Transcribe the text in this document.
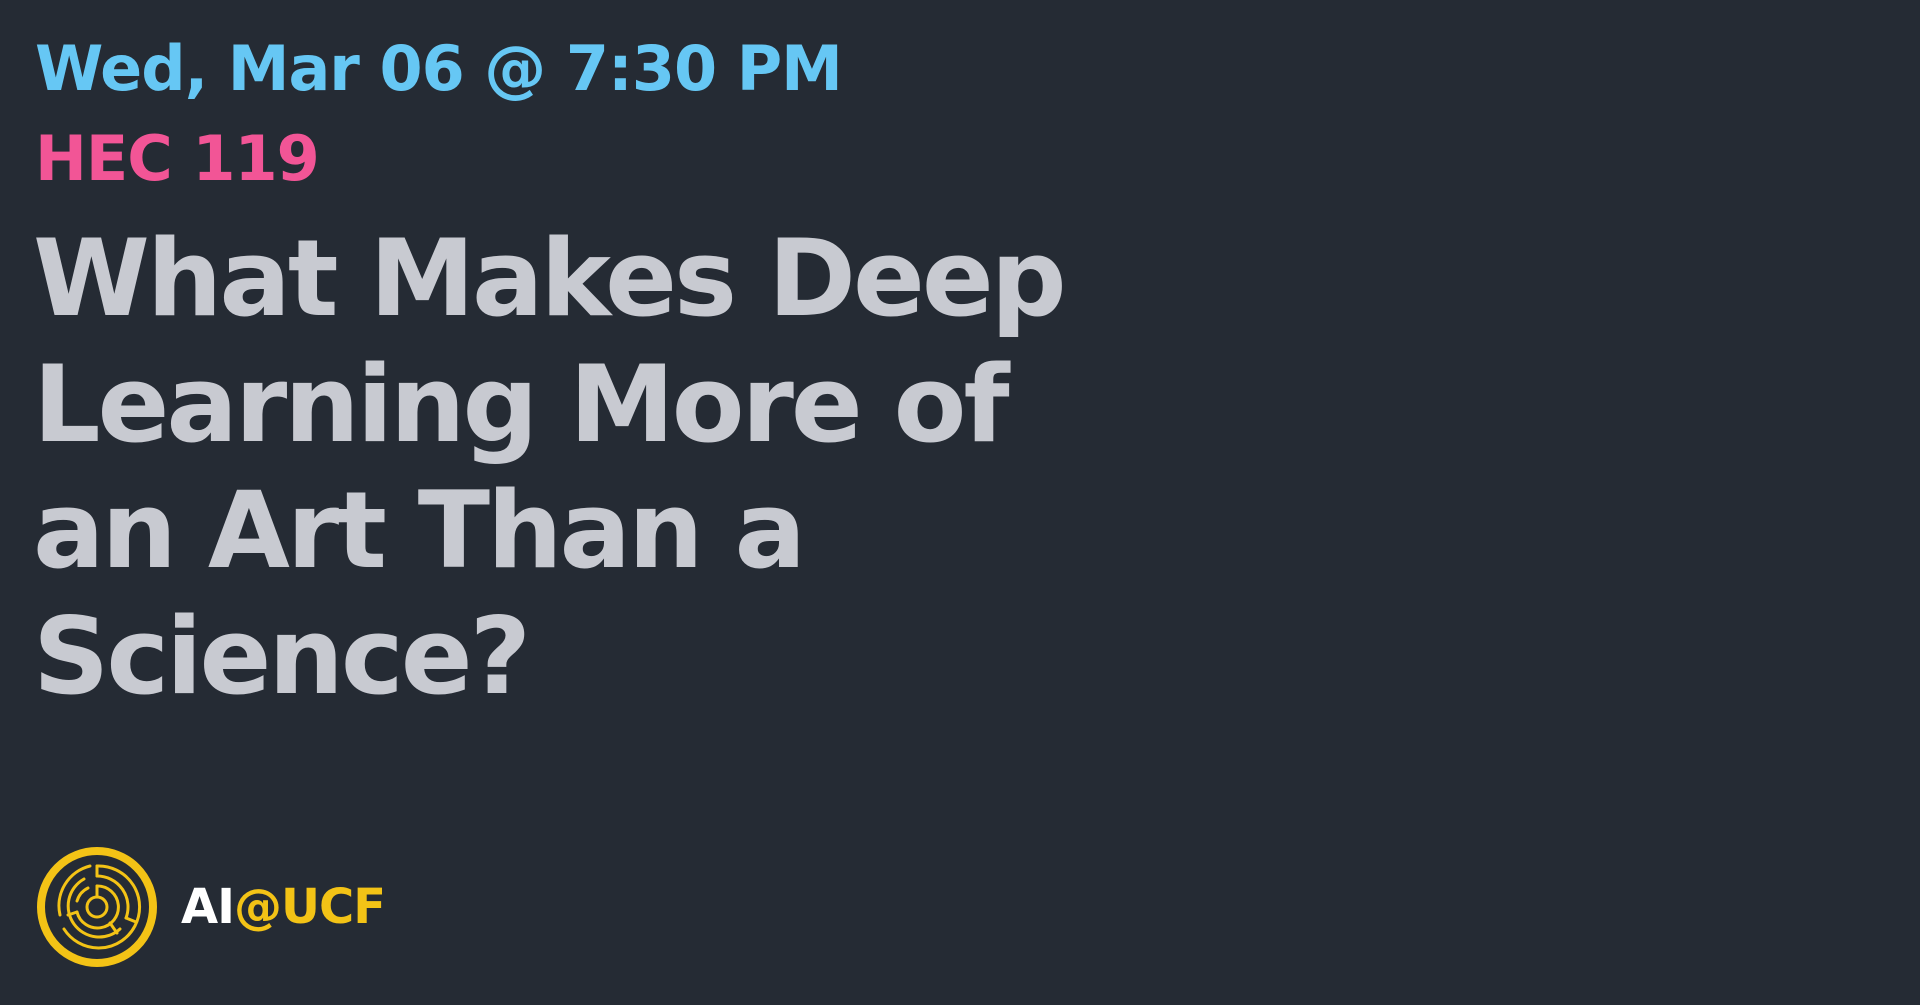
Wed, Mar 06 @ 7:30 PM
HEC 119
What Makes Deep
Learning More of
an Art Than a
Science?
AI@UCF
